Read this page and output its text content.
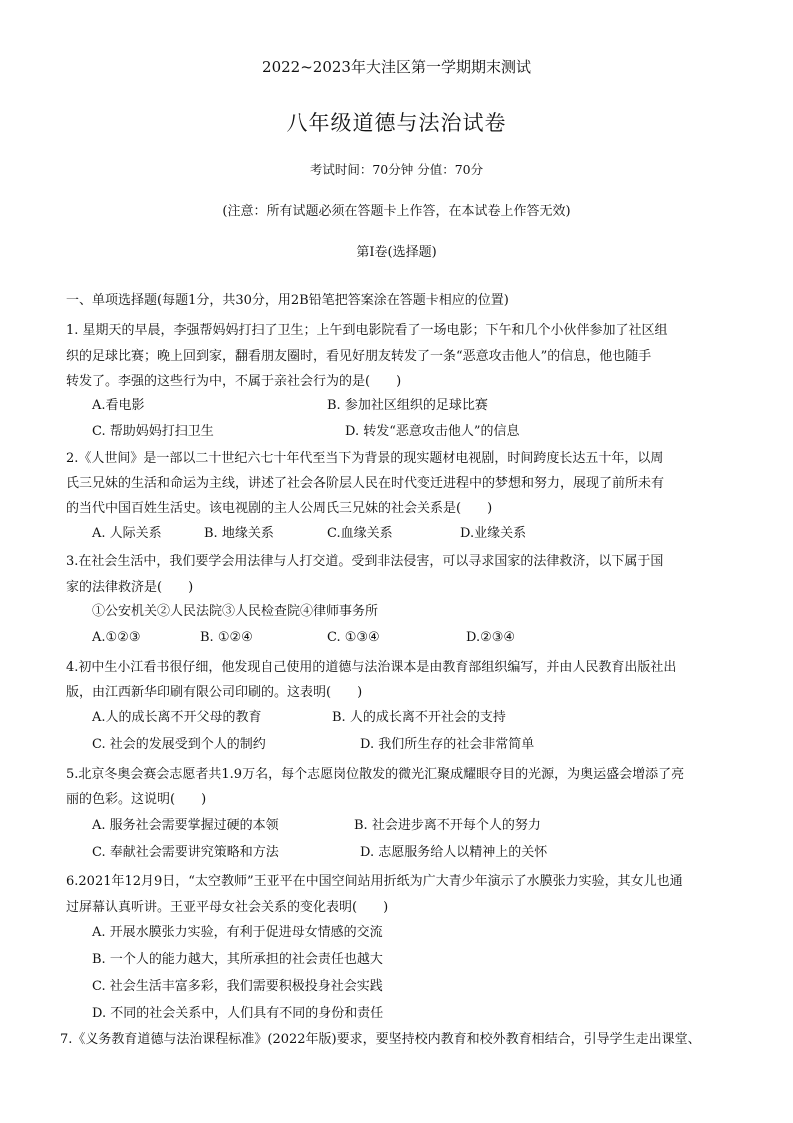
2022~2023年大洼区第一学期期末测试
八年级道德与法治试卷
考试时间：70分钟 分值：70分
(注意：所有试题必须在答题卡上作答，在本试卷上作答无效)
第Ⅰ卷(选择题)
一、单项选择题(每题1分，共30分，用2B铅笔把答案涂在答题卡相应的位置)
1. 星期天的早晨，李强帮妈妈打扫了卫生；上午到电影院看了一场电影；下午和几个小伙伴参加了社区组
织的足球比赛；晚上回到家，翻看朋友圈时，看见好朋友转发了一条“恶意攻击他人”的信息，他也随手
转发了。李强的这些行为中，不属于亲社会行为的是(　　)
A.看电影	B. 参加社区组织的足球比赛
C. 帮助妈妈打扫卫生	D. 转发“恶意攻击他人”的信息
2.《人世间》是一部以二十世纪六七十年代至当下为背景的现实题材电视剧，时间跨度长达五十年，以周
氏三兄妹的生活和命运为主线，讲述了社会各阶层人民在时代变迁进程中的梦想和努力，展现了前所未有
的当代中国百姓生活史。该电视剧的主人公周氏三兄妹的社会关系是(　　)
A. 人际关系	B. 地缘关系	C.血缘关系	D.业缘关系
3.在社会生活中，我们要学会用法律与人打交道。受到非法侵害，可以寻求国家的法律救济，以下属于国
家的法律救济是(　　)
①公安机关②人民法院③人民检查院④律师事务所
A.①②③	B. ①②④	C. ①③④	D.②③④
4.初中生小江看书很仔细，他发现自己使用的道德与法治课本是由教育部组织编写，并由人民教育出版社出
版，由江西新华印刷有限公司印刷的。这表明(　　)
A.人的成长离不开父母的教育	B. 人的成长离不开社会的支持
C. 社会的发展受到个人的制约	D. 我们所生存的社会非常简单
5.北京冬奥会赛会志愿者共1.9万名，每个志愿岗位散发的微光汇聚成耀眼夺目的光源，为奥运盛会增添了亮
丽的色彩。这说明(　　)
A. 服务社会需要掌握过硬的本领	B. 社会进步离不开每个人的努力
C. 奉献社会需要讲究策略和方法	D. 志愿服务给人以精神上的关怀
6.2021年12月9日，“太空教师”王亚平在中国空间站用折纸为广大青少年演示了水膜张力实验，其女儿也通
过屏幕认真听讲。王亚平母女社会关系的变化表明(　　)
A. 开展水膜张力实验，有利于促进母女情感的交流
B. 一个人的能力越大，其所承担的社会责任也越大
C. 社会生活丰富多彩，我们需要积极投身社会实践
D. 不同的社会关系中，人们具有不同的身份和责任
7.《义务教育道德与法治课程标准》(2022年版)要求，要坚持校内教育和校外教育相结合，引导学生走出课堂、
